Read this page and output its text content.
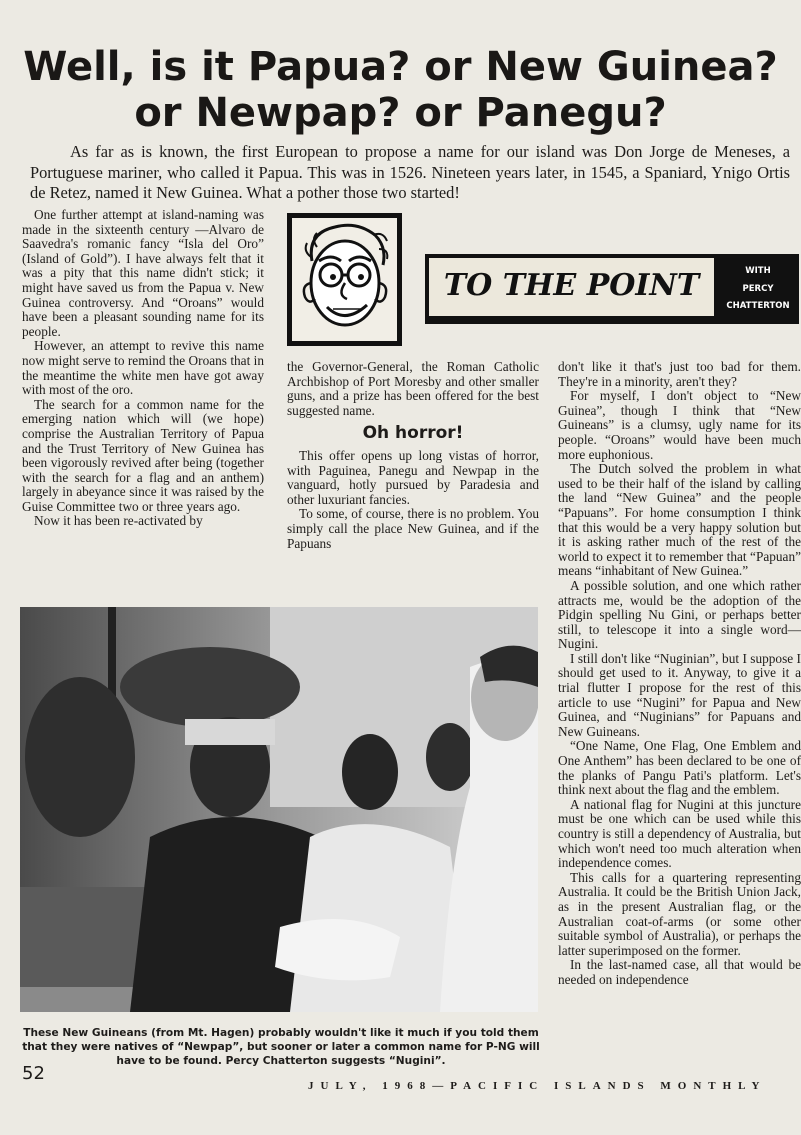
Well, is it Papua? or New Guinea?
or Newpap? or Panegu?

As far as is known, the first European to propose a name for our island was Don Jorge de Meneses, a Portuguese mariner, who called it Papua. This was in 1526. Nineteen years later, in 1545, a Spaniard, Ynigo Ortis de Retez, named it New Guinea. What a pother those two started!

TO THE POINT	WITH
PERCY
CHATTERTON

One further attempt at island-naming was made in the sixteenth century —Alvaro de Saavedra's romanic fancy “Isla del Oro” (Island of Gold”). I have always felt that it was a pity that this name didn't stick; it might have saved us from the Papua v. New Guinea controversy. And “Oroans” would have been a pleasant sounding name for its people.

However, an attempt to revive this name now might serve to remind the Oroans that in the meantime the white men have got away with most of the oro.

The search for a common name for the emerging nation which will (we hope) comprise the Australian Territory of Papua and the Trust Territory of New Guinea has been vigorously revived after being (together with the search for a flag and an anthem) largely in abeyance since it was raised by the Guise Committee two or three years ago.

Now it has been re-activated by

the Governor-General, the Roman Catholic Archbishop of Port Moresby and other smaller guns, and a prize has been offered for the best suggested name.

Oh horror!

This offer opens up long vistas of horror, with Paguinea, Panegu and Newpap in the vanguard, hotly pursued by Paradesia and other luxuriant fancies.

To some, of course, there is no problem. You simply call the place New Guinea, and if the Papuans

don't like it that's just too bad for them. They're in a minority, aren't they?

For myself, I don't object to “New Guinea”, though I think that “New Guineans” is a clumsy, ugly name for its people. “Oroans” would have been much more euphonious.

The Dutch solved the problem in what used to be their half of the island by calling the land “New Guinea” and the people “Papuans”. For home consumption I think that this would be a very happy solution but it is asking rather much of the rest of the world to expect it to remember that “Papuan” means “inhabitant of New Guinea.”

A possible solution, and one which rather attracts me, would be the adoption of the Pidgin spelling Nu Gini, or perhaps better still, to telescope it into a single word—Nugini.

I still don't like “Nuginian”, but I suppose I should get used to it. Anyway, to give it a trial flutter I propose for the rest of this article to use “Nugini” for Papua and New Guinea, and “Nuginians” for Papuans and New Guineans.

“One Name, One Flag, One Emblem and One Anthem” has been declared to be one of the planks of Pangu Pati's platform. Let's think next about the flag and the emblem.

A national flag for Nugini at this juncture must be one which can be used while this country is still a dependency of Australia, but which won't need too much alteration when independence comes.

This calls for a quartering representing Australia. It could be the British Union Jack, as in the present Australian flag, or the Australian coat-of-arms (or some other suitable symbol of Australia), or perhaps the latter superimposed on the former.

In the last-named case, all that would be needed on independence

These New Guineans (from Mt. Hagen) probably wouldn't like it much if you told them that they were natives of “Newpap”, but sooner or later a common name for P-NG will have to be found. Percy Chatterton suggests “Nugini”.
52
JULY, 1968—PACIFIC ISLANDS MONTHLY
